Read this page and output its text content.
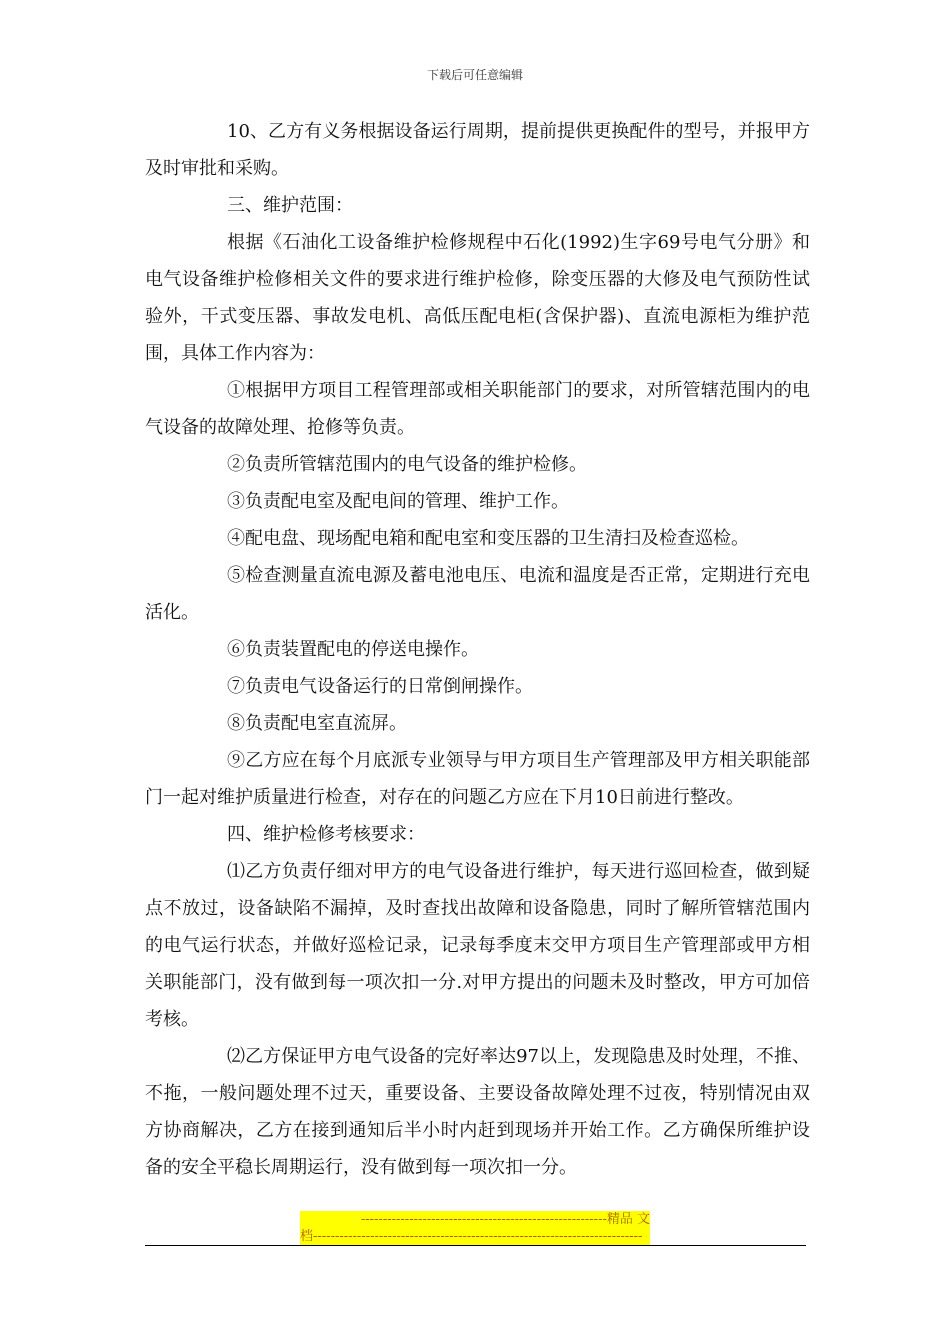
下载后可任意编辑

10、乙方有义务根据设备运行周期，提前提供更换配件的型号，并报甲方及时审批和采购。

三、维护范围：

根据《石油化工设备维护检修规程中石化(1992)生字69号电气分册》和电气设备维护检修相关文件的要求进行维护检修，除变压器的大修及电气预防性试验外，干式变压器、事故发电机、高低压配电柜(含保护器)、直流电源柜为维护范围，具体工作内容为：

①根据甲方项目工程管理部或相关职能部门的要求，对所管辖范围内的电气设备的故障处理、抢修等负责。

②负责所管辖范围内的电气设备的维护检修。

③负责配电室及配电间的管理、维护工作。

④配电盘、现场配电箱和配电室和变压器的卫生清扫及检查巡检。

⑤检查测量直流电源及蓄电池电压、电流和温度是否正常，定期进行充电活化。

⑥负责装置配电的停送电操作。

⑦负责电气设备运行的日常倒闸操作。

⑧负责配电室直流屏。

⑨乙方应在每个月底派专业领导与甲方项目生产管理部及甲方相关职能部门一起对维护质量进行检查，对存在的问题乙方应在下月10日前进行整改。

四、维护检修考核要求：

⑴乙方负责仔细对甲方的电气设备进行维护，每天进行巡回检查，做到疑点不放过，设备缺陷不漏掉，及时查找出故障和设备隐患，同时了解所管辖范围内的电气运行状态，并做好巡检记录，记录每季度末交甲方项目生产管理部或甲方相关职能部门，没有做到每一项次扣一分.对甲方提出的问题未及时整改，甲方可加倍考核。

⑵乙方保证甲方电气设备的完好率达97以上，发现隐患及时处理，不推、不拖，一般问题处理不过天，重要设备、主要设备故障处理不过夜，特别情况由双方协商解决，乙方在接到通知后半小时内赶到现场并开始工作。乙方确保所维护设备的安全平稳长周期运行，没有做到每一项次扣一分。

--------------------------------------------------------精品 文
档---------------------------------------------------------------------------
